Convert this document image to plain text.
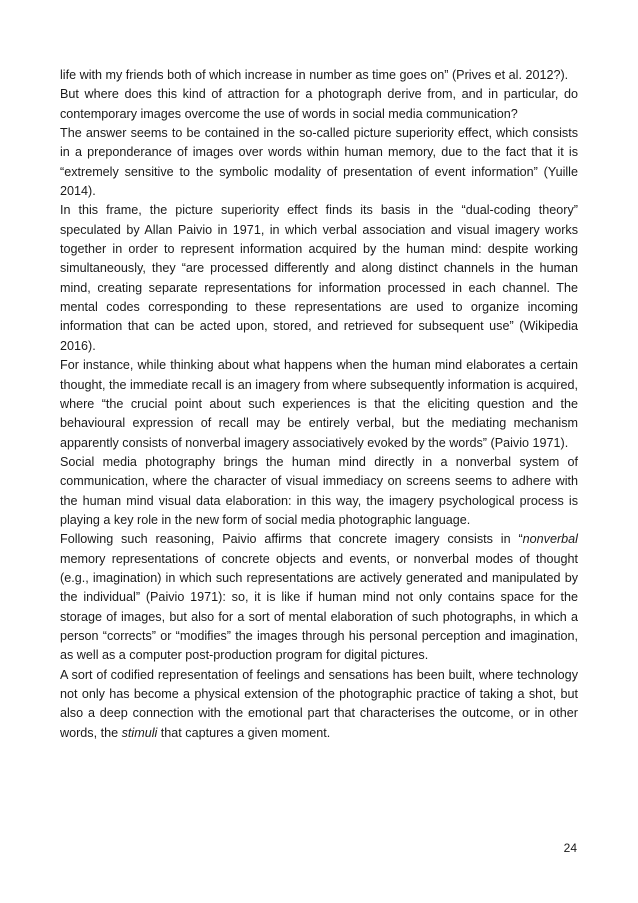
life with my friends both of which increase in number as time goes on” (Prives et al. 2012?).

But where does this kind of attraction for a photograph derive from, and in particular, do contemporary images overcome the use of words in social media communication?

The answer seems to be contained in the so-called picture superiority effect, which consists in a preponderance of images over words within human memory, due to the fact that it is “extremely sensitive to the symbolic modality of presentation of event information” (Yuille 2014).

In this frame, the picture superiority effect finds its basis in the “dual-coding theory” speculated by Allan Paivio in 1971, in which verbal association and visual imagery works together in order to represent information acquired by the human mind: despite working simultaneously, they “are processed differently and along distinct channels in the human mind, creating separate representations for information processed in each channel. The mental codes corresponding to these representations are used to organize incoming information that can be acted upon, stored, and retrieved for subsequent use” (Wikipedia 2016).

For instance, while thinking about what happens when the human mind elaborates a certain thought, the immediate recall is an imagery from where subsequently information is acquired, where “the crucial point about such experiences is that the eliciting question and the behavioural expression of recall may be entirely verbal, but the mediating mechanism apparently consists of nonverbal imagery associatively evoked by the words” (Paivio 1971).

Social media photography brings the human mind directly in a nonverbal system of communication, where the character of visual immediacy on screens seems to adhere with the human mind visual data elaboration: in this way, the imagery psychological process is playing a key role in the new form of social media photographic language.

Following such reasoning, Paivio affirms that concrete imagery consists in “nonverbal memory representations of concrete objects and events, or nonverbal modes of thought (e.g., imagination) in which such representations are actively generated and manipulated by the individual” (Paivio 1971): so, it is like if human mind not only contains space for the storage of images, but also for a sort of mental elaboration of such photographs, in which a person “corrects” or “modifies” the images through his personal perception and imagination, as well as a computer post-production program for digital pictures.

A sort of codified representation of feelings and sensations has been built, where technology not only has become a physical extension of the photographic practice of taking a shot, but also a deep connection with the emotional part that characterises the outcome, or in other words, the stimuli that captures a given moment.

24
